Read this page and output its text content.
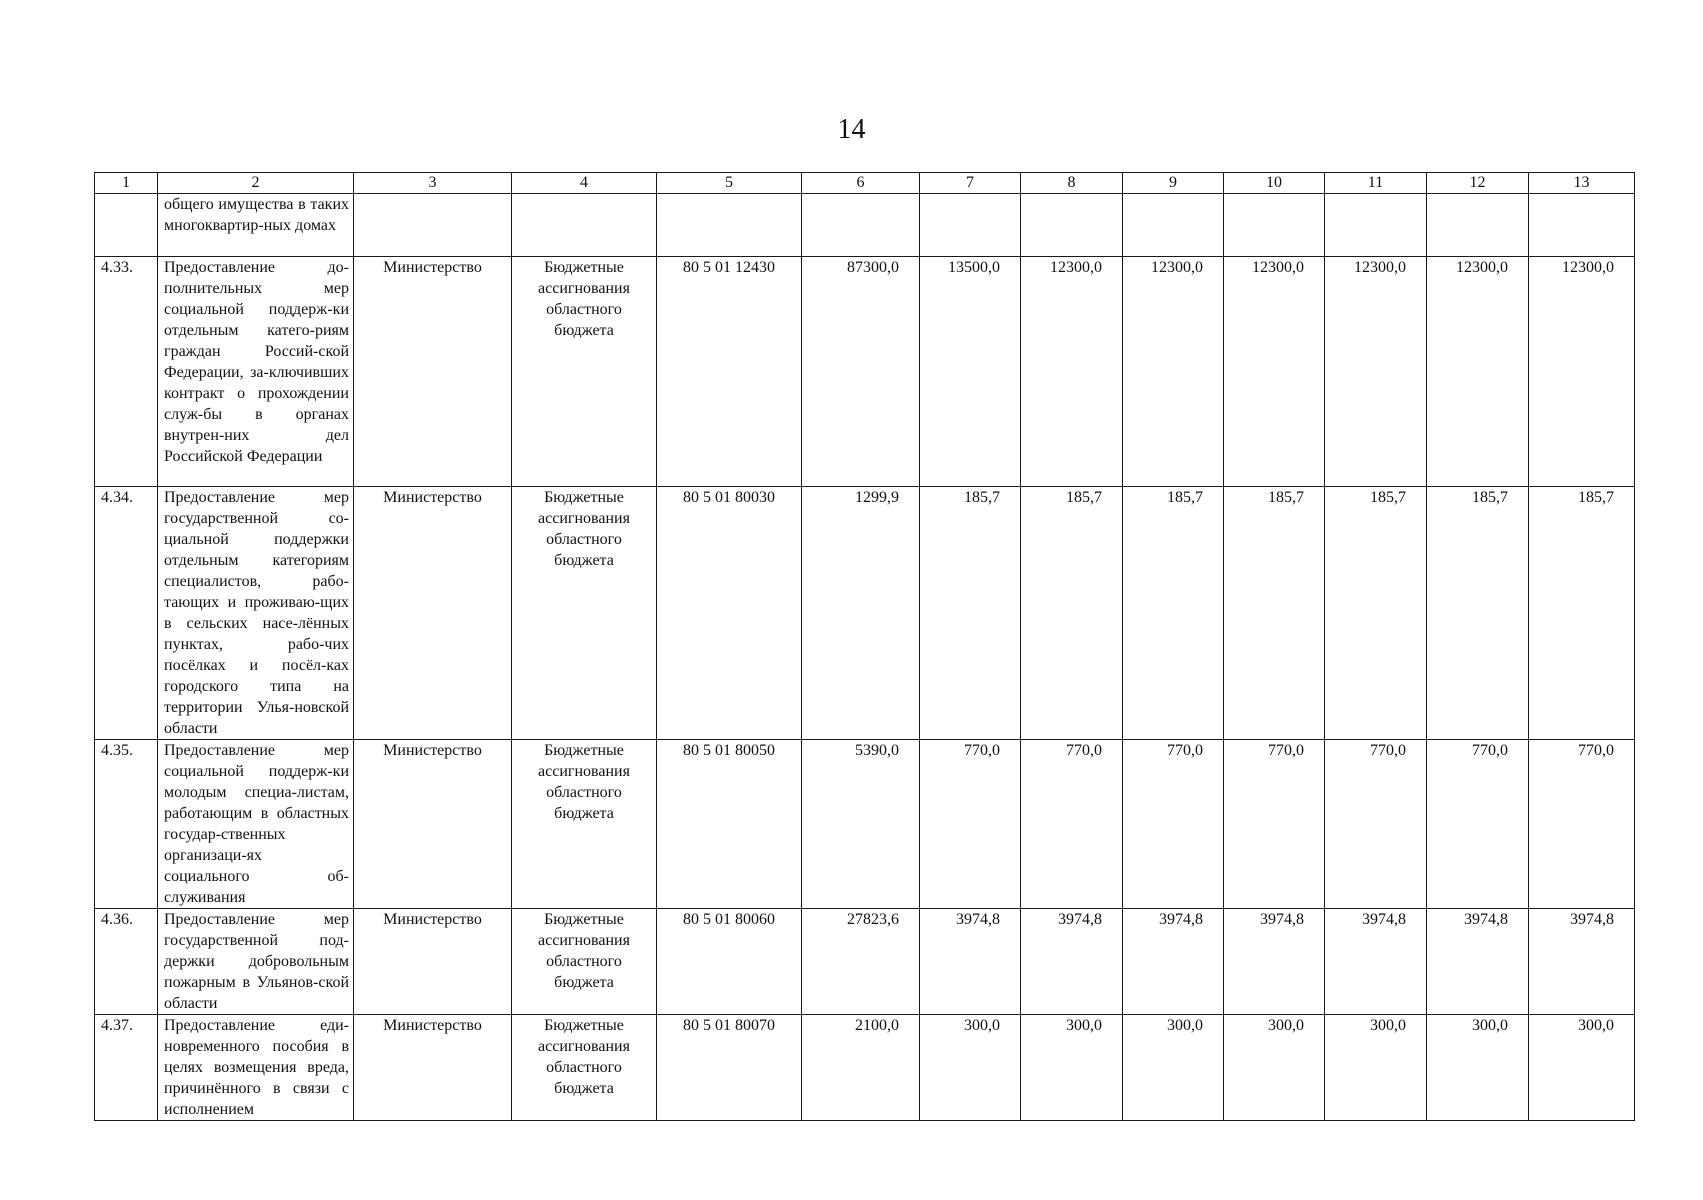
14
1	2	3	4	5	6	7	8	9	10	11	12	13
	общего имущества в таких многоквартир-ных домах											
4.33.	Предоставление до-полнительных мер социальной поддерж-ки отдельным катего-риям граждан Россий-ской Федерации, за-ключивших контракт о прохождении служ-бы в органах внутрен-них дел Российской Федерации	Министерство	Бюджетные ассигнования областного бюджета	80 5 01 12430	87300,0	13500,0	12300,0	12300,0	12300,0	12300,0	12300,0	12300,0
4.34.	Предоставление мер государственной со-циальной поддержки отдельным категориям специалистов, рабо-тающих и проживаю-щих в сельских насе-лённых пунктах, рабо-чих посёлках и посёл-ках городского типа на территории Улья-новской области	Министерство	Бюджетные ассигнования областного бюджета	80 5 01 80030	1299,9	185,7	185,7	185,7	185,7	185,7	185,7	185,7
4.35.	Предоставление мер социальной поддерж-ки молодым специа-листам, работающим в областных государ-ственных организаци-ях социального об-служивания	Министерство	Бюджетные ассигнования областного бюджета	80 5 01 80050	5390,0	770,0	770,0	770,0	770,0	770,0	770,0	770,0
4.36.	Предоставление мер государственной под-держки добровольным пожарным в Ульянов-ской области	Министерство	Бюджетные ассигнования областного бюджета	80 5 01 80060	27823,6	3974,8	3974,8	3974,8	3974,8	3974,8	3974,8	3974,8
4.37.	Предоставление еди-новременного пособия в целях возмещения вреда, причинённого в связи с исполнением	Министерство	Бюджетные ассигнования областного бюджета	80 5 01 80070	2100,0	300,0	300,0	300,0	300,0	300,0	300,0	300,0
